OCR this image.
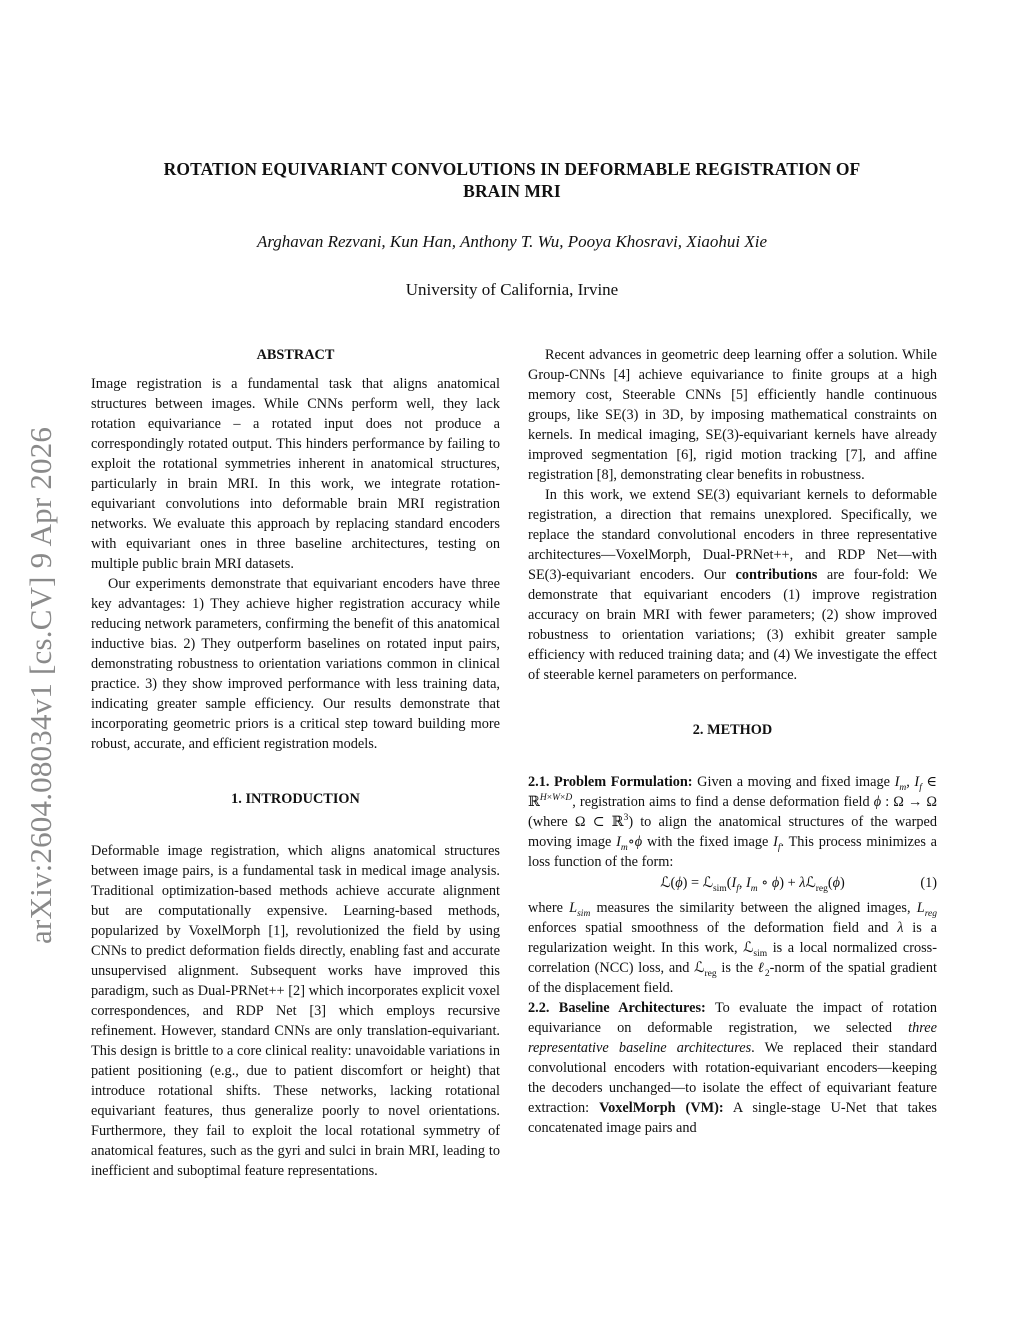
arXiv:2604.08034v1 [cs.CV] 9 Apr 2026
ROTATION EQUIVARIANT CONVOLUTIONS IN DEFORMABLE REGISTRATION OF
BRAIN MRI
Arghavan Rezvani, Kun Han, Anthony T. Wu, Pooya Khosravi, Xiaohui Xie
University of California, Irvine
ABSTRACT

Image registration is a fundamental task that aligns anatomical structures between images. While CNNs perform well, they lack rotation equivariance – a rotated input does not produce a correspondingly rotated output. This hinders performance by failing to exploit the rotational symmetries inherent in anatomical structures, particularly in brain MRI. In this work, we integrate rotation-equivariant convolutions into deformable brain MRI registration networks. We evaluate this approach by replacing standard encoders with equivariant ones in three baseline architectures, testing on multiple public brain MRI datasets.

Our experiments demonstrate that equivariant encoders have three key advantages: 1) They achieve higher registration accuracy while reducing network parameters, confirming the benefit of this anatomical inductive bias. 2) They outperform baselines on rotated input pairs, demonstrating robustness to orientation variations common in clinical practice. 3) they show improved performance with less training data, indicating greater sample efficiency. Our results demonstrate that incorporating geometric priors is a critical step toward building more robust, accurate, and efficient registration models.

1. INTRODUCTION

Deformable image registration, which aligns anatomical structures between image pairs, is a fundamental task in medical image analysis. Traditional optimization-based methods achieve accurate alignment but are computationally expensive. Learning-based methods, popularized by VoxelMorph [1], revolutionized the field by using CNNs to predict deformation fields directly, enabling fast and accurate unsupervised alignment. Subsequent works have improved this paradigm, such as Dual-PRNet++ [2] which incorporates explicit voxel correspondences, and RDP Net [3] which employs recursive refinement. However, standard CNNs are only translation-equivariant. This design is brittle to a core clinical reality: unavoidable variations in patient positioning (e.g., due to patient discomfort or height) that introduce rotational shifts. These networks, lacking rotational equivariant features, thus generalize poorly to novel orientations. Furthermore, they fail to exploit the local rotational symmetry of anatomical features, such as the gyri and sulci in brain MRI, leading to inefficient and suboptimal feature representations.

Recent advances in geometric deep learning offer a solution. While Group-CNNs [4] achieve equivariance to finite groups at a high memory cost, Steerable CNNs [5] efficiently handle continuous groups, like SE(3) in 3D, by imposing mathematical constraints on kernels. In medical imaging, SE(3)-equivariant kernels have already improved segmentation [6], rigid motion tracking [7], and affine registration [8], demonstrating clear benefits in robustness.

In this work, we extend SE(3) equivariant kernels to deformable registration, a direction that remains unexplored. Specifically, we replace the standard convolutional encoders in three representative architectures—VoxelMorph, Dual-PRNet++, and RDP Net—with SE(3)-equivariant encoders. Our contributions are four-fold: We demonstrate that equivariant encoders (1) improve registration accuracy on brain MRI with fewer parameters; (2) show improved robustness to orientation variations; (3) exhibit greater sample efficiency with reduced training data; and (4) We investigate the effect of steerable kernel parameters on performance.

2. METHOD

2.1. Problem Formulation: Given a moving and fixed image $I_m$, $I_f$ ∈ ℝ$^{H\times W\times D}$, registration aims to find a dense deformation field ϕ : Ω → Ω (where Ω ⊂ ℝ$^3$) to align the anatomical structures of the warped moving image $I_m\circ\phi$ with the fixed image $I_f$. This process minimizes a loss function of the form:

ℒ(ϕ) = $ℒ_{sim}(I_f$, $I_m$ ∘ ϕ) + λℒ$_{reg}$(ϕ)	(1)

where $L_{sim}$ measures the similarity between the aligned images, $L_{reg}$ enforces spatial smoothness of the deformation field and λ is a regularization weight. In this work, ℒ$_{sim}$ is a local normalized cross-correlation (NCC) loss, and ℒ$_{reg}$ is the ℓ$_2$-norm of the spatial gradient of the displacement field.

2.2. Baseline Architectures: To evaluate the impact of rotation equivariance on deformable registration, we selected three representative baseline architectures. We replaced their standard convolutional encoders with rotation-equivariant encoders—keeping the decoders unchanged—to isolate the effect of equivariant feature extraction: VoxelMorph (VM): A single-stage U-Net that takes concatenated image pairs and
